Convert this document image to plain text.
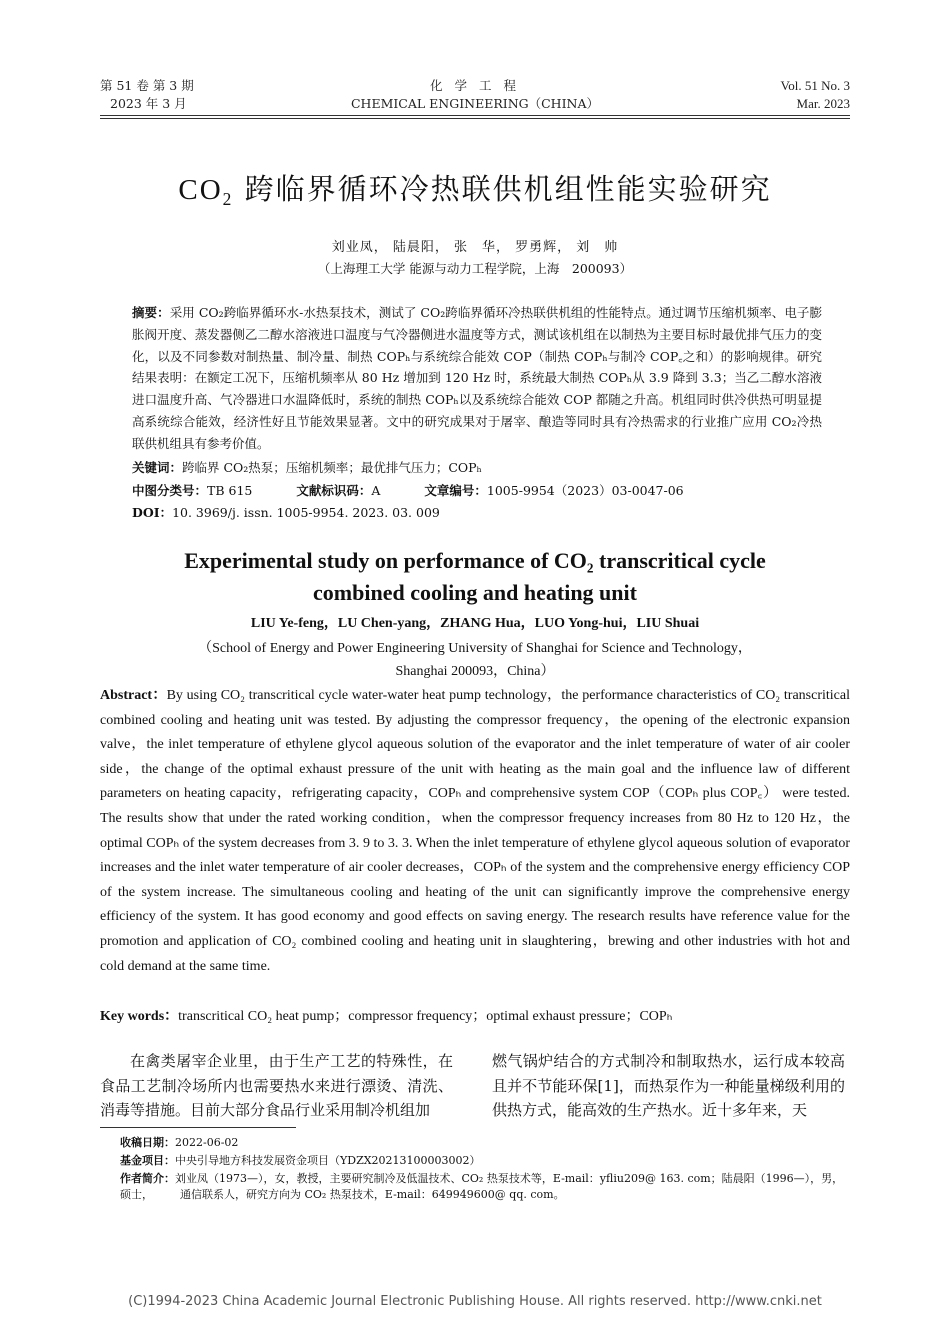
第 51 卷 第 3 期
2023 年 3 月
化 学 工 程
CHEMICAL ENGINEERING（CHINA）
Vol. 51 No. 3
Mar. 2023
$CO_2$ 跨临界循环冷热联供机组性能实验研究
刘业凤， 陆晨阳， 张　华， 罗勇辉， 刘　帅
（上海理工大学 能源与动力工程学院，上海　200093）
摘要：采用 CO₂跨临界循环水-水热泵技术，测试了 CO₂跨临界循环冷热联供机组的性能特点。通过调节压缩机频率、电子膨胀阀开度、蒸发器侧乙二醇水溶液进口温度与气冷器侧进水温度等方式，测试该机组在以制热为主要目标时最优排气压力的变化，以及不同参数对制热量、制冷量、制热 COPₕ与系统综合能效 COP（制热 COPₕ与制冷 COP꜀之和）的影响规律。研究结果表明：在额定工况下，压缩机频率从 80 Hz 增加到 120 Hz 时，系统最大制热 COPₕ从 3.9 降到 3.3；当乙二醇水溶液进口温度升高、气冷器进口水温降低时，系统的制热 COPₕ以及系统综合能效 COP 都随之升高。机组同时供冷供热可明显提高系统综合能效，经济性好且节能效果显著。文中的研究成果对于屠宰、酿造等同时具有冷热需求的行业推广应用 CO₂冷热联供机组具有参考价值。
关键词：跨临界 CO₂热泵；压缩机频率；最优排气压力；COPₕ
中图分类号：TB 615	文献标识码：A	文章编号：1005-9954（2023）03-0047-06
DOI：10. 3969/j. issn. 1005-9954. 2023. 03. 009
Experimental study on performance of CO₂ transcritical cycle
combined cooling and heating unit
LIU Ye-feng，LU Chen-yang，ZHANG Hua，LUO Yong-hui，LIU Shuai
（School of Energy and Power Engineering University of Shanghai for Science and Technology，
Shanghai 200093，China）
Abstract：By using CO₂ transcritical cycle water-water heat pump technology，the performance characteristics of CO₂ transcritical combined cooling and heating unit was tested. By adjusting the compressor frequency，the opening of the electronic expansion valve，the inlet temperature of ethylene glycol aqueous solution of the evaporator and the inlet temperature of water of air cooler side，the change of the optimal exhaust pressure of the unit with heating as the main goal and the influence law of different parameters on heating capacity，refrigerating capacity，COPₕ and comprehensive system COP（COPₕ plus COP꜀） were tested. The results show that under the rated working condition，when the compressor frequency increases from 80 Hz to 120 Hz，the optimal COPₕ of the system decreases from 3. 9 to 3. 3. When the inlet temperature of ethylene glycol aqueous solution of evaporator increases and the inlet water temperature of air cooler decreases，COPₕ of the system and the comprehensive energy efficiency COP of the system increase. The simultaneous cooling and heating of the unit can significantly improve the comprehensive energy efficiency of the system. It has good economy and good effects on saving energy. The research results have reference value for the promotion and application of CO₂ combined cooling and heating unit in slaughtering，brewing and other industries with hot and cold demand at the same time.
Key words：transcritical CO₂ heat pump；compressor frequency；optimal exhaust pressure；COPₕ
在禽类屠宰企业里，由于生产工艺的特殊性，在食品工艺制冷场所内也需要热水来进行漂烫、清洗、消毒等措施。目前大部分食品行业采用制冷机组加
燃气锅炉结合的方式制冷和制取热水，运行成本较高且并不节能环保[1]，而热泵作为一种能量梯级利用的供热方式，能高效的生产热水。近十多年来，天
收稿日期：2022-06-02
基金项目：中央引导地方科技发展资金项目（YDZX20213100003002）
作者简介：刘业凤（1973—），女，教授，主要研究制冷及低温技术、CO₂ 热泵技术等，E-mail：yfliu209@ 163. com；陆晨阳（1996—），男，硕士，	通信联系人，研究方向为 CO₂ 热泵技术，E-mail：649949600@ qq. com。
(C)1994-2023 China Academic Journal Electronic Publishing House. All rights reserved. http://www.cnki.net
